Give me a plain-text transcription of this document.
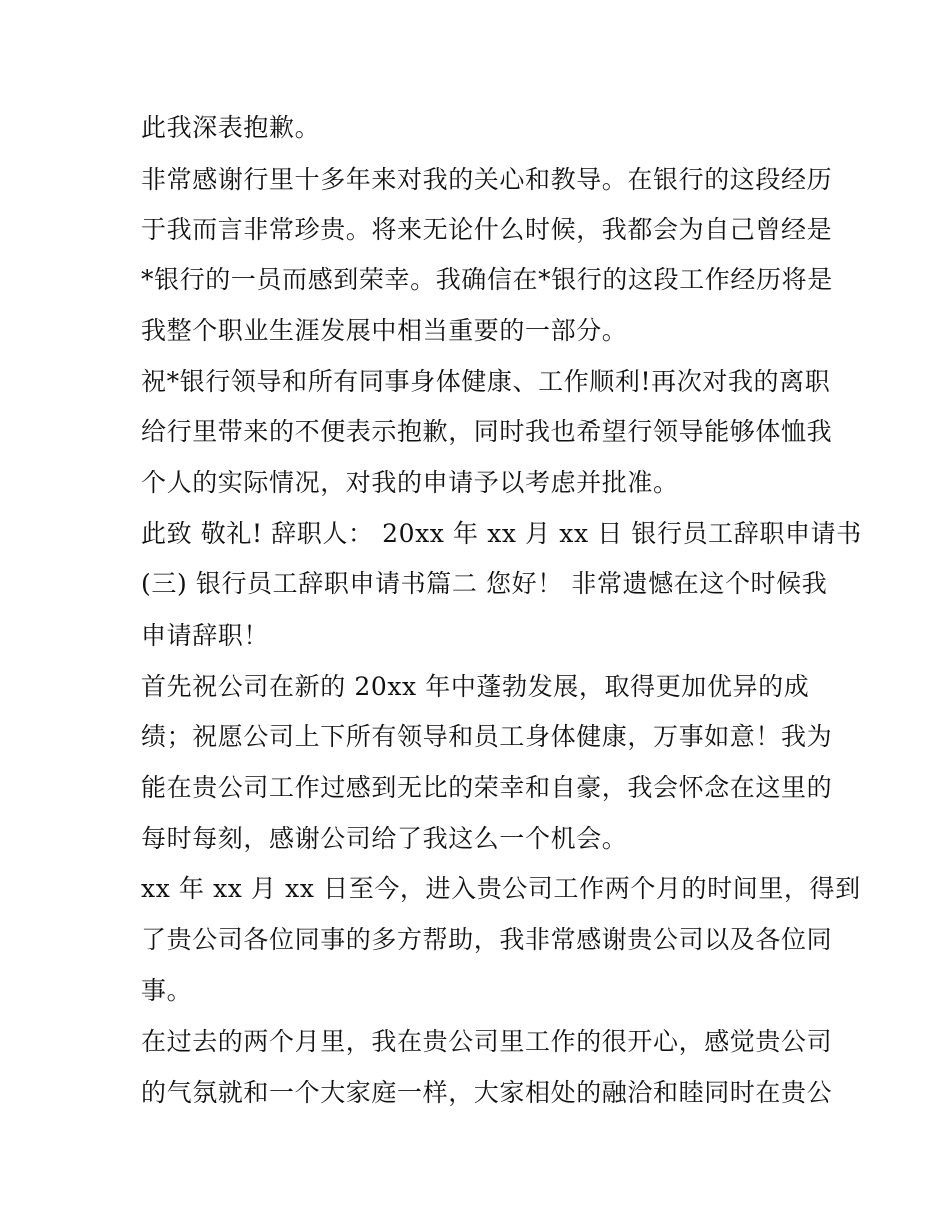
此我深表抱歉。
非常感谢行里十多年来对我的关心和教导。在银行的这段经历
于我而言非常珍贵。将来无论什么时候，我都会为自己曾经是
*银行的一员而感到荣幸。我确信在*银行的这段工作经历将是
我整个职业生涯发展中相当重要的一部分。
祝*银行领导和所有同事身体健康、工作顺利!再次对我的离职
给行里带来的不便表示抱歉，同时我也希望行领导能够体恤我
个人的实际情况，对我的申请予以考虑并批准。
此致 敬礼! 辞职人： 20xx 年 xx 月 xx 日 银行员工辞职申请书
(三) 银行员工辞职申请书篇二 您好！ 非常遗憾在这个时候我
申请辞职！
首先祝公司在新的 20xx 年中蓬勃发展，取得更加优异的成
绩；祝愿公司上下所有领导和员工身体健康，万事如意！我为
能在贵公司工作过感到无比的荣幸和自豪，我会怀念在这里的
每时每刻，感谢公司给了我这么一个机会。
xx 年 xx 月 xx 日至今，进入贵公司工作两个月的时间里，得到
了贵公司各位同事的多方帮助，我非常感谢贵公司以及各位同
事。
在过去的两个月里，我在贵公司里工作的很开心，感觉贵公司
的气氛就和一个大家庭一样，大家相处的融洽和睦同时在贵公
